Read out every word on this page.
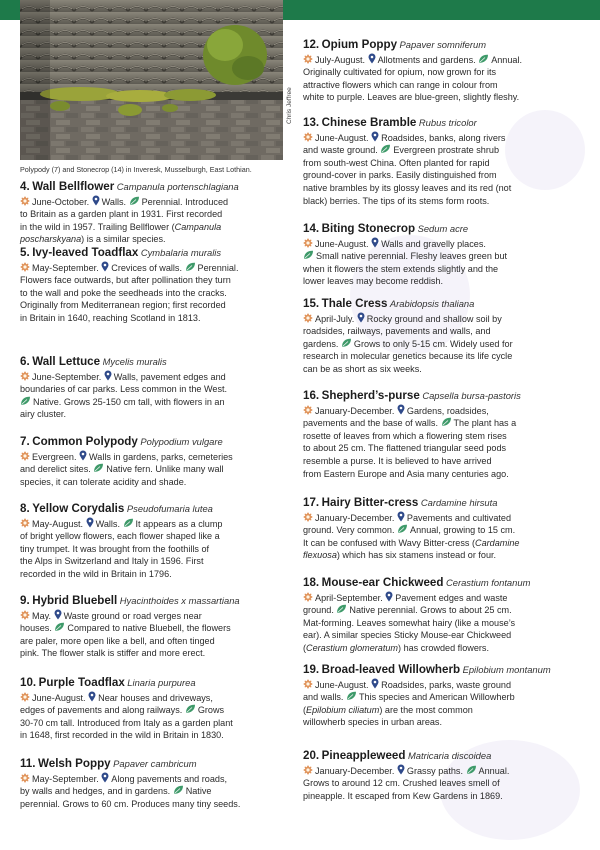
Chris Jeffree
Polypody (7) and Stonecrop (14) in Inveresk, Musselburgh, East Lothian.
4. Wall Bellflower Campanula portenschlagiana
June-October.
Walls.
Perennial. Introduced
to Britain as a garden plant in 1931. First recorded
in the wild in 1957. Trailing Bellflower (Campanula
poscharskyana) is a similar species.
5. Ivy-leaved Toadflax Cymbalaria muralis
May-September.
Crevices of walls.
Perennial.
Flowers face outwards, but after pollination they turn
to the wall and poke the seedheads into the cracks.
Originally from Mediterranean region; first recorded
in Britain in 1640, reaching Scotland in 1813.
6. Wall Lettuce Mycelis muralis
June-September.
Walls, pavement edges and
boundaries of car parks. Less common in the West.
Native. Grows 25-150 cm tall, with flowers in an
airy cluster.
7. Common Polypody Polypodium vulgare
Evergreen.
Walls in gardens, parks, cemeteries
and derelict sites.
Native fern. Unlike many wall
species, it can tolerate acidity and shade.
8. Yellow Corydalis Pseudofumaria lutea
May-August.
Walls.
It appears as a clump
of bright yellow flowers, each flower shaped like a
tiny trumpet. It was brought from the foothills of
the Alps in Switzerland and Italy in 1596. First
recorded in the wild in Britain in 1796.
9. Hybrid Bluebell Hyacinthoides x massartiana
May.
Waste ground or road verges near
houses.
Compared to native Bluebell, the flowers
are paler, more open like a bell, and often tinged
pink. The flower stalk is stiffer and more erect.
10. Purple Toadflax Linaria purpurea
June-August.
Near houses and driveways,
edges of pavements and along railways.
Grows
30-70 cm tall. Introduced from Italy as a garden plant
in 1648, first recorded in the wild in Britain in 1830.
11. Welsh Poppy Papaver cambricum
May-September.
Along pavements and roads,
by walls and hedges, and in gardens.
Native
perennial. Grows to 60 cm. Produces many tiny seeds.
12. Opium Poppy Papaver somniferum
July-August.
Allotments and gardens.
Annual.
Originally cultivated for opium, now grown for its
attractive flowers which can range in colour from
white to purple. Leaves are blue-green, slightly fleshy.
13. Chinese Bramble Rubus tricolor
June-August.
Roadsides, banks, along rivers
and waste ground.
Evergreen prostrate shrub
from south-west China. Often planted for rapid
ground-cover in parks. Easily distinguished from
native brambles by its glossy leaves and its red (not
black) berries. The tips of its stems form roots.
14. Biting Stonecrop Sedum acre
June-August.
Walls and gravelly places.
Small native perennial. Fleshy leaves green but
when it flowers the stem extends slightly and the
lower leaves may become reddish.
15. Thale Cress Arabidopsis thaliana
April-July.
Rocky ground and shallow soil by
roadsides, railways, pavements and walls, and
gardens.
Grows to only 5-15 cm. Widely used for
research in molecular genetics because its life cycle
can be as short as six weeks.
16. Shepherd’s-purse Capsella bursa-pastoris
January-December.
Gardens, roadsides,
pavements and the base of walls.
The plant has a
rosette of leaves from which a flowering stem rises
to about 25 cm. The flattened triangular seed pods
resemble a purse. It is believed to have arrived
from Eastern Europe and Asia many centuries ago.
17. Hairy Bitter-cress Cardamine hirsuta
January-December.
Pavements and cultivated
ground. Very common.
Annual, growing to 15 cm.
It can be confused with Wavy Bitter-cress (Cardamine
flexuosa) which has six stamens instead or four.
18. Mouse-ear Chickweed Cerastium fontanum
April-September.
Pavement edges and waste
ground.
Native perennial. Grows to about 25 cm.
Mat-forming. Leaves somewhat hairy (like a mouse’s
ear). A similar species Sticky Mouse-ear Chickweed
(Cerastium glomeratum) has crowded flowers.
19. Broad-leaved Willowherb Epilobium montanum
June-August.
Roadsides, parks, waste ground
and walls.
This species and American Willowherb
(Epilobium ciliatum) are the most common
willowherb species in urban areas.
20. Pineappleweed Matricaria discoidea
January-December.
Grassy paths.
Annual.
Grows to around 12 cm. Crushed leaves smell of
pineapple. It escaped from Kew Gardens in 1869.
